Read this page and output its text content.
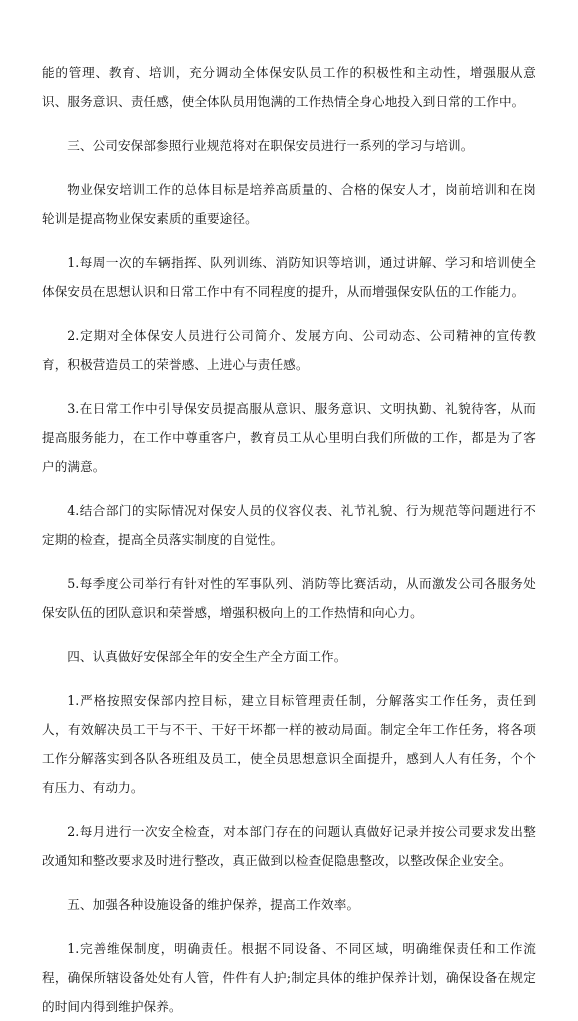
能的管理、教育、培训，充分调动全体保安队员工作的积极性和主动性，增强服从意识、服务意识、责任感，使全体队员用饱满的工作热情全身心地投入到日常的工作中。

三、公司安保部参照行业规范将对在职保安员进行一系列的学习与培训。

物业保安培训工作的总体目标是培养高质量的、合格的保安人才，岗前培训和在岗轮训是提高物业保安素质的重要途径。

1.每周一次的车辆指挥、队列训练、消防知识等培训，通过讲解、学习和培训使全体保安员在思想认识和日常工作中有不同程度的提升，从而增强保安队伍的工作能力。

2.定期对全体保安人员进行公司简介、发展方向、公司动态、公司精神的宣传教育，积极营造员工的荣誉感、上进心与责任感。

3.在日常工作中引导保安员提高服从意识、服务意识、文明执勤、礼貌待客，从而提高服务能力，在工作中尊重客户，教育员工从心里明白我们所做的工作，都是为了客户的满意。

4.结合部门的实际情况对保安人员的仪容仪表、礼节礼貌、行为规范等问题进行不定期的检查，提高全员落实制度的自觉性。

5.每季度公司举行有针对性的军事队列、消防等比赛活动，从而激发公司各服务处保安队伍的团队意识和荣誉感，增强积极向上的工作热情和向心力。

四、认真做好安保部全年的安全生产全方面工作。

1.严格按照安保部内控目标，建立目标管理责任制，分解落实工作任务，责任到人，有效解决员工干与不干、干好干坏都一样的被动局面。制定全年工作任务，将各项工作分解落实到各队各班组及员工，使全员思想意识全面提升，感到人人有任务，个个有压力、有动力。

2.每月进行一次安全检查，对本部门存在的问题认真做好记录并按公司要求发出整改通知和整改要求及时进行整改，真正做到以检查促隐患整改，以整改保企业安全。

五、加强各种设施设备的维护保养，提高工作效率。

1.完善维保制度，明确责任。根据不同设备、不同区域，明确维保责任和工作流程，确保所辖设备处处有人管，件件有人护;制定具体的维护保养计划，确保设备在规定的时间内得到维护保养。
